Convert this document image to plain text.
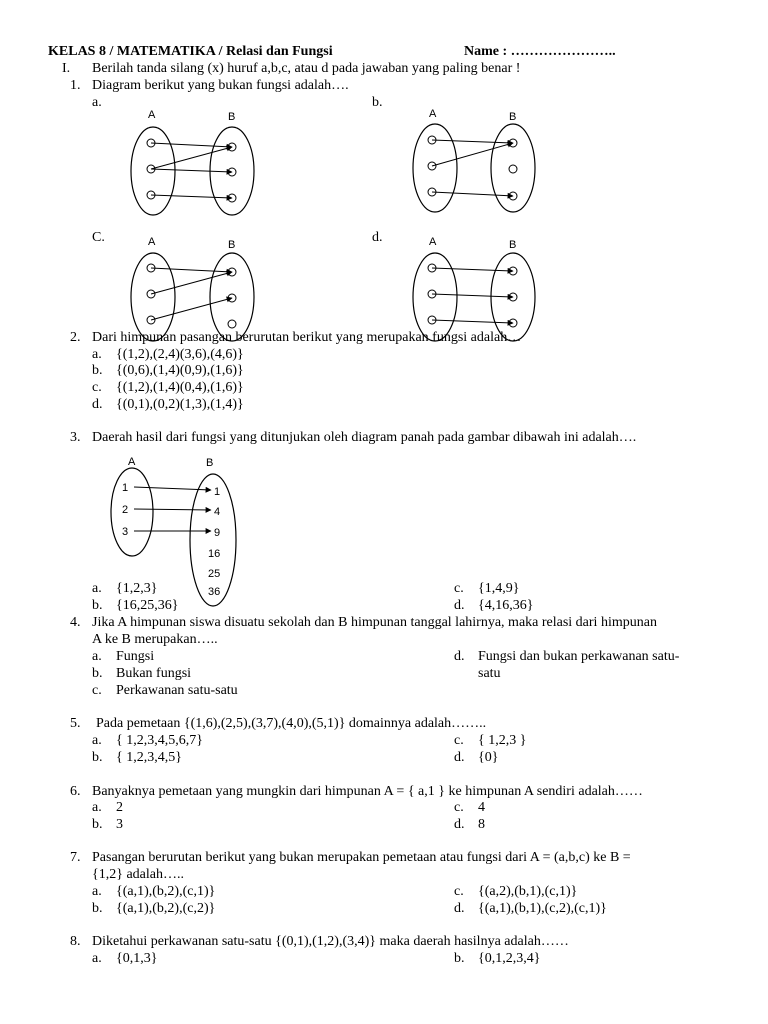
KELAS 8 / MATEMATIKA / Relasi dan Fungsi	Name : …………………..
I. Berilah tanda silang (x) huruf a,b,c, atau d pada jawaban yang paling benar !
1. Diagram berikut yang bukan fungsi adalah….
a.	b.
C.	d.
A	B	A	B
A	B	A	B
2. Dari himpunan pasangan berurutan berikut yang merupakan fungsi adalah…
a. {(1,2),(2,4)(3,6),(4,6)}
b. {(0,6),(1,4)(0,9),(1,6)}
c. {(1,2),(1,4)(0,4),(1,6)}
d. {(0,1),(0,2)(1,3),(1,4)}
3. Daerah hasil dari fungsi yang ditunjukan oleh diagram panah pada gambar dibawah ini adalah….
A	B
1
2
3
1
4
9
16
25
36
a. {1,2,3}
b. {16,25,36}
c. {1,4,9}
d. {4,16,36}
4. Jika A himpunan siswa disuatu sekolah dan B himpunan tanggal lahirnya, maka relasi dari himpunan
A ke B merupakan…..
a. Fungsi
b. Bukan fungsi
c. Perkawanan satu-satu
d. Fungsi dan bukan perkawanan satu-
satu
5. Pada pemetaan {(1,6),(2,5),(3,7),(4,0),(5,1)} domainnya adalah……..
a. { 1,2,3,4,5,6,7}
b. { 1,2,3,4,5}
c. { 1,2,3 }
d. {0}
6. Banyaknya pemetaan yang mungkin dari himpunan A = { a,1 } ke himpunan A sendiri adalah……
a. 2
b. 3
c. 4
d. 8
7. Pasangan berurutan berikut yang bukan merupakan pemetaan atau fungsi dari A = (a,b,c) ke B =
{1,2} adalah…..
a. {(a,1),(b,2),(c,1)}
b. {(a,1),(b,2),(c,2)}
c. {(a,2),(b,1),(c,1)}
d. {(a,1),(b,1),(c,2),(c,1)}
8. Diketahui perkawanan satu-satu {(0,1),(1,2),(3,4)} maka daerah hasilnya adalah……
a. {0,1,3}	b. {0,1,2,3,4}
